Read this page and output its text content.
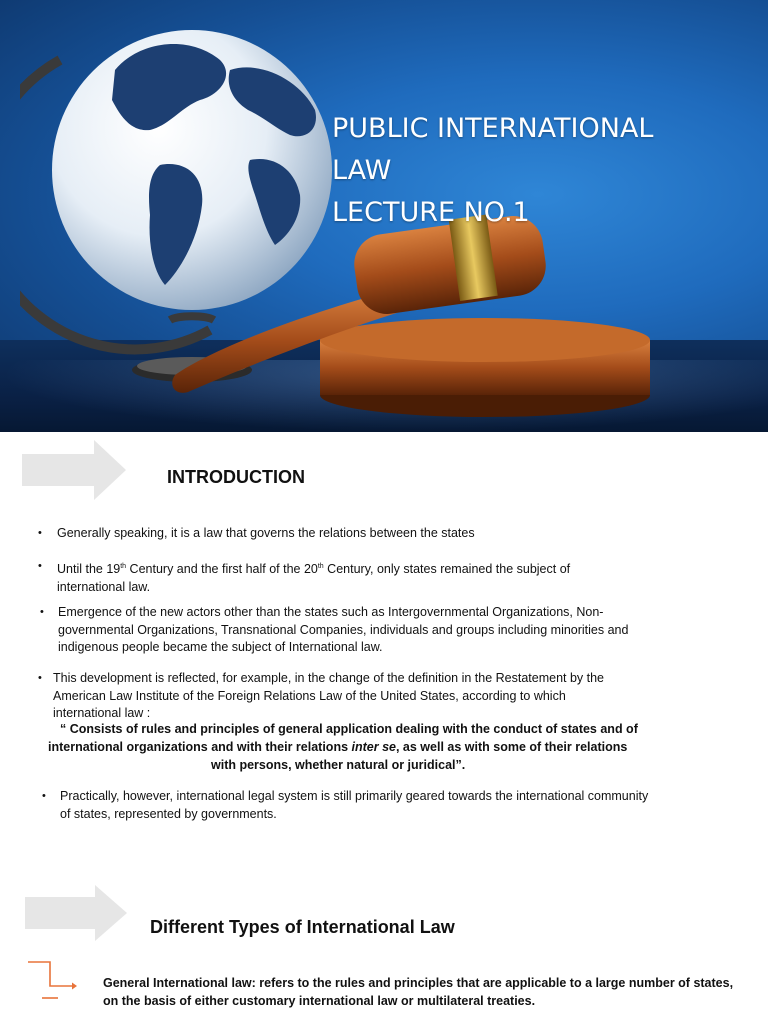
PUBLIC INTERNATIONAL
LAW
LECTURE NO.1
INTRODUCTION
•	Generally speaking, it is a law that governs the relations between the states
•	Until the 19th Century and the first half of the 20th Century, only states remained the subject of
international law.
•	Emergence of the new actors other than the states such as Intergovernmental Organizations, Non-
governmental Organizations, Transnational Companies, individuals and groups including minorities and
indigenous people became the subject of International law.
• This development is reflected, for example, in the change of the definition in the Restatement by the
American Law Institute of the Foreign Relations Law of the United States, according to which
international law :
“ Consists of rules and principles of general application dealing with the conduct of states and of
international organizations and with their relations inter se, as well as with some of their relations
with persons, whether natural or juridical”.
•	Practically, however, international legal system is still primarily geared towards the international community
of states, represented by governments.
Different Types of International Law
General International law: refers to the rules and principles that are applicable to a large number of states,
on the basis of either customary international law or multilateral treaties.
